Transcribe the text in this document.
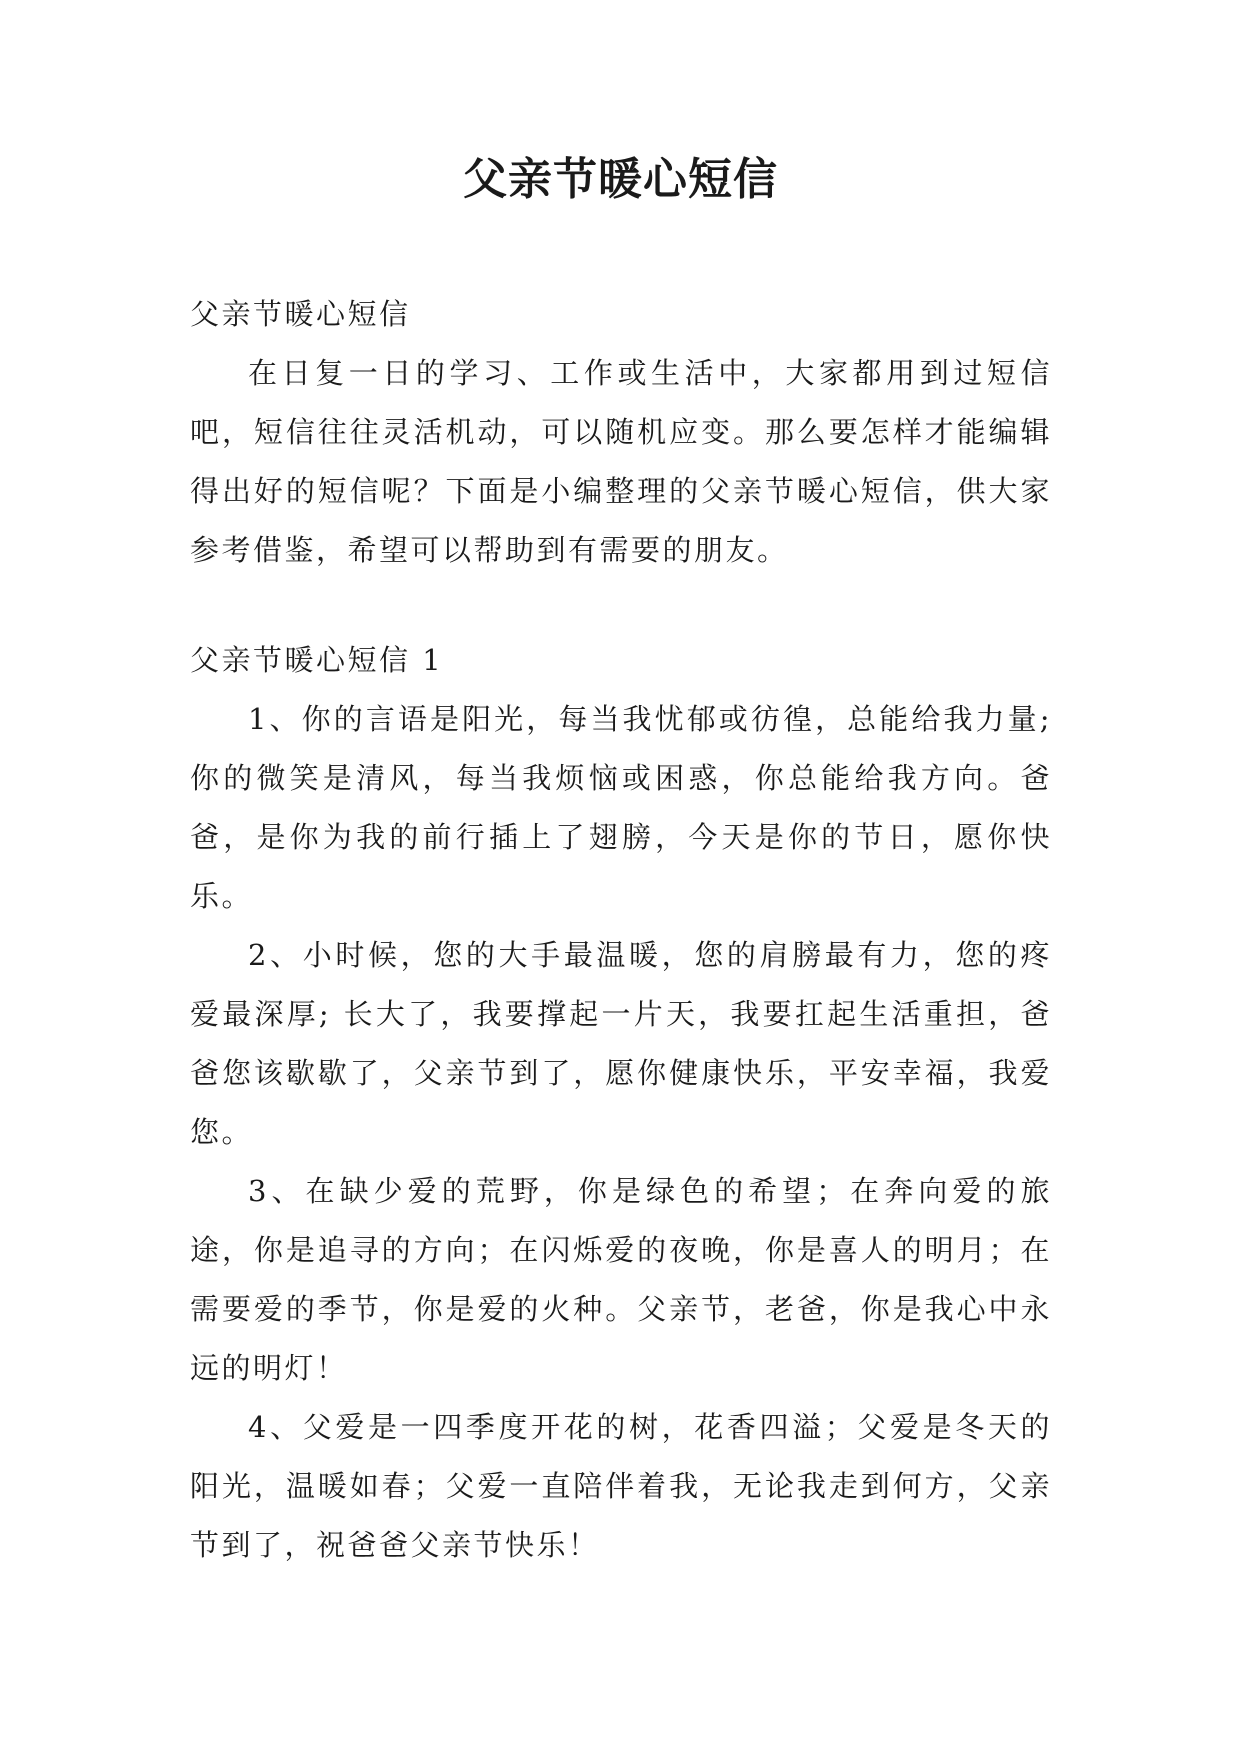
父亲节暖心短信

父亲节暖心短信

在日复一日的学习、工作或生活中，大家都用到过短信吧，短信往往灵活机动，可以随机应变。那么要怎样才能编辑得出好的短信呢？下面是小编整理的父亲节暖心短信，供大家参考借鉴，希望可以帮助到有需要的朋友。

父亲节暖心短信 1

1、你的言语是阳光，每当我忧郁或彷徨，总能给我力量; 你的微笑是清风，每当我烦恼或困惑，你总能给我方向。爸爸，是你为我的前行插上了翅膀，今天是你的节日，愿你快乐。

2、小时候，您的大手最温暖，您的肩膀最有力，您的疼爱最深厚; 长大了，我要撑起一片天，我要扛起生活重担，爸爸您该歇歇了，父亲节到了，愿你健康快乐，平安幸福，我爱您。

3、在缺少爱的荒野，你是绿色的希望；在奔向爱的旅途，你是追寻的方向；在闪烁爱的夜晚，你是喜人的明月；在需要爱的季节，你是爱的火种。父亲节，老爸，你是我心中永远的明灯！

4、父爱是一四季度开花的树，花香四溢；父爱是冬天的阳光，温暖如春；父爱一直陪伴着我，无论我走到何方，父亲节到了，祝爸爸父亲节快乐！
